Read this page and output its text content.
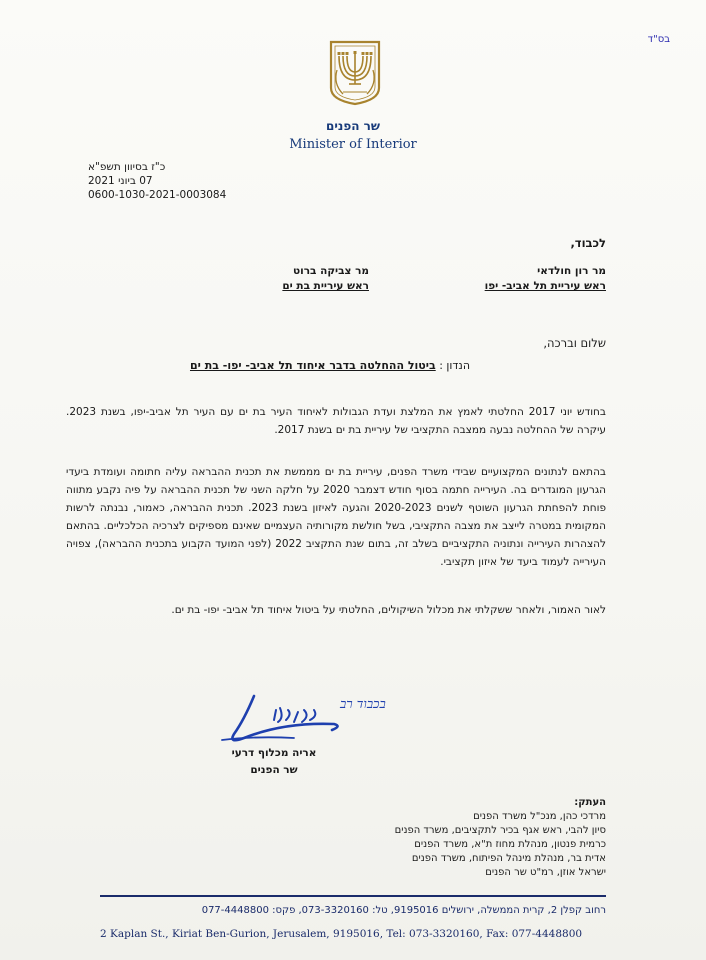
בס"ד
שר הפנים
Minister of Interior
כ"ז בסיוון תשפ"א
07 ביוני 2021
0600-1030-2021-0003084
לכבוד,
מר רון חולדאי
ראש עיריית תל אביב- יפו
מר צביקה ברוט
ראש עיריית בת ים
שלום וברכה,
הנדון : ביטול ההחלטה בדבר איחוד תל אביב- יפו- בת ים

בחודש יוני 2017 החלטתי לאמץ את המלצת ועדת הגבולות לאיחוד העיר בת ים עם העיר תל אביב-יפו, בשנת 2023. עיקרה של ההחלטה נבעה ממצבה התקציבי של עיריית בת ים בשנת 2017.

בהתאם לנתונים המקצועיים שבידי משרד הפנים, עיריית בת ים מממשת את תכנית ההבראה עליה חתומה ועומדת ביעדי הגרעון המוגדרים בה. העירייה חתמה בסוף חודש דצמבר 2020 על חלקה השני של תכנית ההבראה על פיה נקבע מתווה פוחת להפחתת הגרעון השוטף לשנים 2020-2023 והגעה לאיזון בשנת 2023. תכנית ההבראה, כאמור, נבנתה לרשות המקומית במטרה לייצב את מצבה התקציבי, בשל חולשת מקורותיה העצמיים שאינם מספיקים לצרכיה הכלכליים. בהתאם להצהרות העירייה ונתוניה התקציביים בשלב זה, בתום שנת התקציב 2022 (לפני המועד הקבוע בתכנית ההבראה), צפויה העירייה לעמוד ביעד של איזון תקציבי.

לאור האמור, ולאחר ששקלתי את מכלול השיקולים, החלטתי על ביטול איחוד תל אביב- יפו- בת ים.

בכבוד רב
אריה מכלוף דרעי
שר הפנים
העתק:
מרדכי כהן, מנכ"ל משרד הפנים
סיון להבי, ראש אגף בכיר לתקציבים, משרד הפנים
כרמית פנטון, מנהלת מחוז ת"א, משרד הפנים
אדית בר, מנהלת מינהל הפיתוח, משרד הפנים
ישראל אוזן, רמ"ט שר הפנים
רחוב קפלן 2, קרית הממשלה, ירושלים 9195016, טל: 073-3320160, פקס: 077-4448800
2 Kaplan St., Kiriat Ben-Gurion, Jerusalem, 9195016, Tel: 073-3320160, Fax: 077-4448800
